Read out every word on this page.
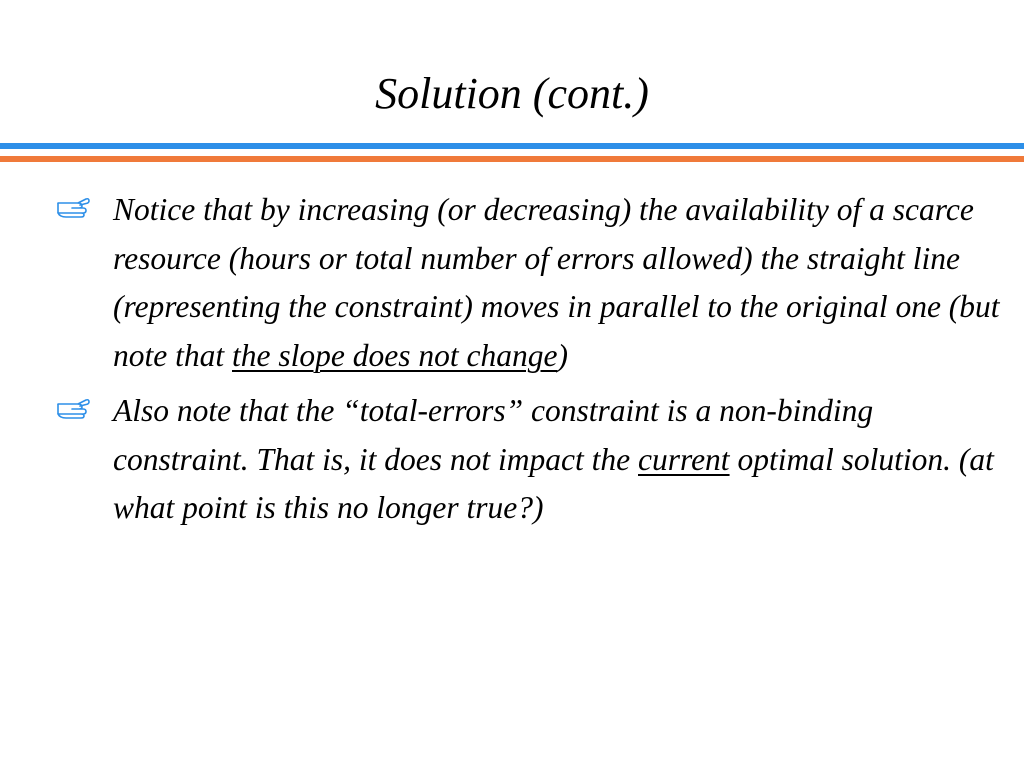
Solution (cont.)
Notice that by increasing (or decreasing) the availability of a scarce resource (hours or total number of errors allowed) the straight line (representing the constraint) moves in parallel to the original one (but note that the slope does not change)
Also note that the “total-errors” constraint is a non-binding constraint. That is, it does not impact the current optimal solution. (at what point is this no longer true?)
